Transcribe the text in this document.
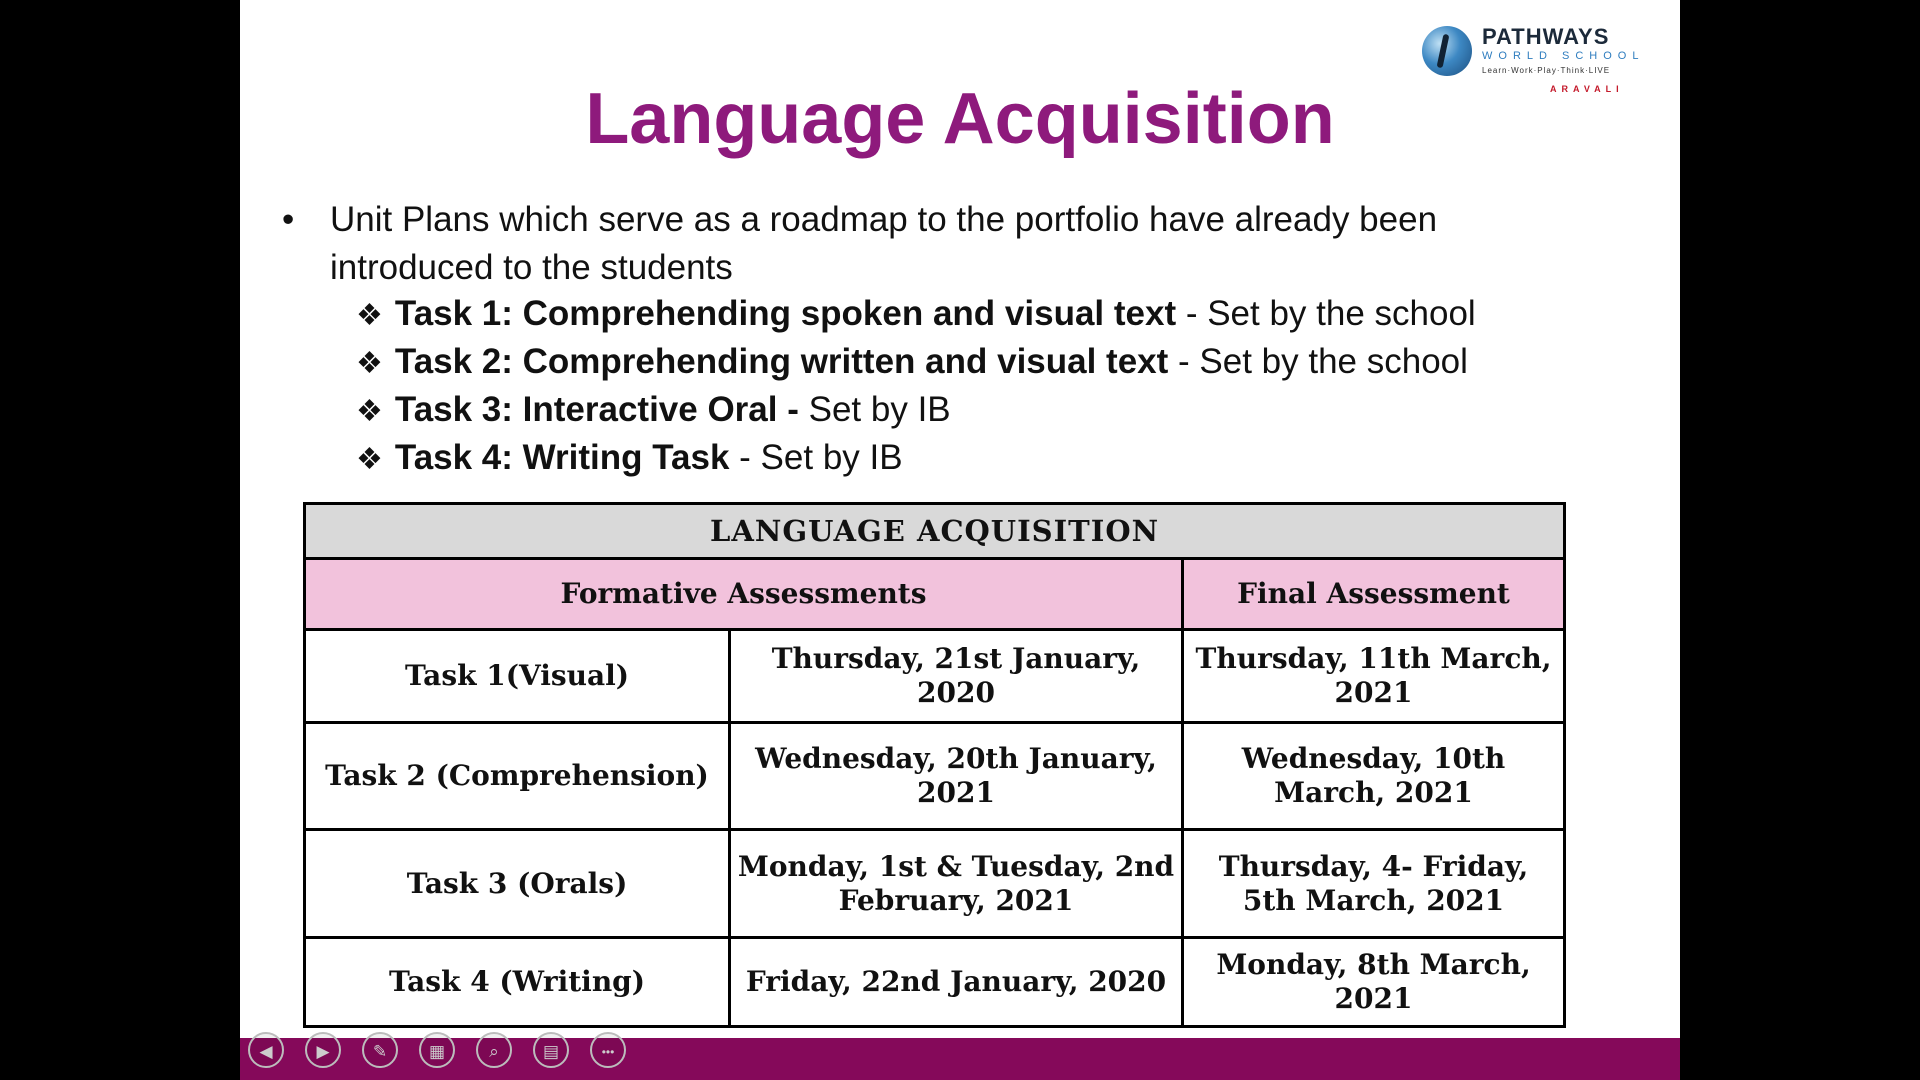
PATHWAYS
WORLD SCHOOL
Learn·Work·Play·Think·LIVE
ARAVALI
Language Acquisition
• Unit Plans which serve as a roadmap to the portfolio have already been introduced to the students
❖ Task 1: Comprehending spoken and visual text - Set by the school
❖ Task 2: Comprehending written and visual text - Set by the school
❖ Task 3: Interactive Oral - Set by IB
❖ Task 4: Writing Task - Set by IB
LANGUAGE ACQUISITION		
Formative Assessments		Final Assessment
Task 1(Visual)	Thursday, 21st January, 2020	Thursday, 11th March, 2021
Task 2 (Comprehension)	Wednesday, 20th January, 2021	Wednesday, 10th March, 2021
Task 3 (Orals)	Monday, 1st & Tuesday, 2nd February, 2021	Thursday, 4- Friday, 5th March, 2021
Task 4 (Writing)	Friday, 22nd January, 2020	Monday, 8th March, 2021
◀	▶	✎	▦	⌕	▤	•••
